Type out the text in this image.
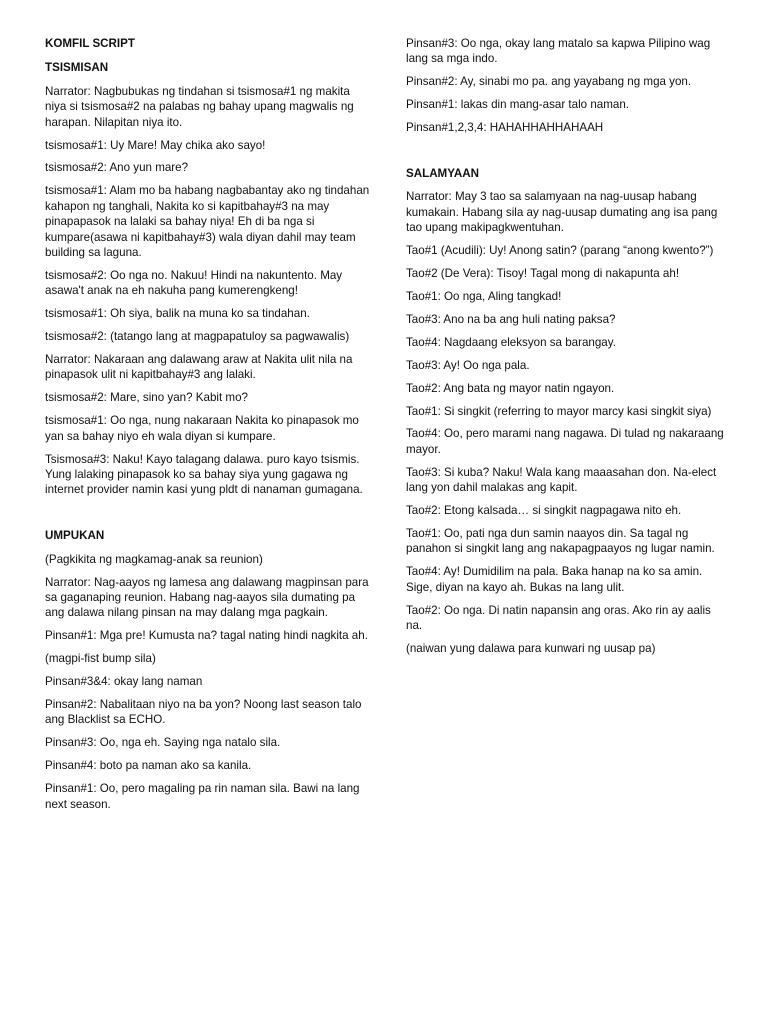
KOMFIL SCRIPT
TSISMISAN
Narrator: Nagbubukas ng tindahan si tsismosa#1 ng makita niya si tsismosa#2 na palabas ng bahay upang magwalis ng harapan. Nilapitan niya ito.
tsismosa#1: Uy Mare! May chika ako sayo!
tsismosa#2: Ano yun mare?
tsismosa#1: Alam mo ba habang nagbabantay ako ng tindahan kahapon ng tanghali, Nakita ko si kapitbahay#3 na may pinapapasok na lalaki sa bahay niya! Eh di ba nga si kumpare(asawa ni kapitbahay#3) wala diyan dahil may team building sa laguna.
tsismosa#2: Oo nga no. Nakuu! Hindi na nakuntento. May asawa't anak na eh nakuha pang kumerengkeng!
tsismosa#1: Oh siya, balik na muna ko sa tindahan.
tsismosa#2: (tatango lang at magpapatuloy sa pagwawalis)
Narrator: Nakaraan ang dalawang araw at Nakita ulit nila na pinapasok ulit ni kapitbahay#3 ang lalaki.
tsismosa#2: Mare, sino yan? Kabit mo?
tsismosa#1: Oo nga, nung nakaraan Nakita ko pinapasok mo yan sa bahay niyo eh wala diyan si kumpare.
Tsismosa#3: Naku! Kayo talagang dalawa. puro kayo tsismis. Yung lalaking pinapasok ko sa bahay siya yung gagawa ng internet provider namin kasi yung pldt di nanaman gumagana.
UMPUKAN
(Pagkikita ng magkamag-anak sa reunion)
Narrator: Nag-aayos ng lamesa ang dalawang magpinsan para sa gaganaping reunion. Habang nag-aayos sila dumating pa ang dalawa nilang pinsan na may dalang mga pagkain.
Pinsan#1: Mga pre! Kumusta na? tagal nating hindi nagkita ah.
(magpi-fist bump sila)
Pinsan#3&4: okay lang naman
Pinsan#2: Nabalitaan niyo na ba yon? Noong last season talo ang Blacklist sa ECHO.
Pinsan#3: Oo, nga eh. Saying nga natalo sila.
Pinsan#4: boto pa naman ako sa kanila.
Pinsan#1: Oo, pero magaling pa rin naman sila. Bawi na lang next season.
Pinsan#3: Oo nga, okay lang matalo sa kapwa Pilipino wag lang sa mga indo.
Pinsan#2: Ay, sinabi mo pa. ang yayabang ng mga yon.
Pinsan#1: lakas din mang-asar talo naman.
Pinsan#1,2,3,4: HAHAHHAHHAHAAH
SALAMYAAN
Narrator: May 3 tao sa salamyaan na nag-uusap habang kumakain. Habang sila ay nag-uusap dumating ang isa pang tao upang makipagkwentuhan.
Tao#1 (Acudili): Uy! Anong satin? (parang “anong kwento?”)
Tao#2 (De Vera): Tisoy! Tagal mong di nakapunta ah!
Tao#1: Oo nga, Aling tangkad!
Tao#3: Ano na ba ang huli nating paksa?
Tao#4: Nagdaang eleksyon sa barangay.
Tao#3: Ay! Oo nga pala.
Tao#2: Ang bata ng mayor natin ngayon.
Tao#1: Si singkit (referring to mayor marcy kasi singkit siya)
Tao#4: Oo, pero marami nang nagawa. Di tulad ng nakaraang mayor.
Tao#3: Si kuba? Naku! Wala kang maaasahan don. Na-elect lang yon dahil malakas ang kapit.
Tao#2: Etong kalsada… si singkit nagpagawa nito eh.
Tao#1: Oo, pati nga dun samin naayos din. Sa tagal ng panahon si singkit lang ang nakapagpaayos ng lugar namin.
Tao#4: Ay! Dumidilim na pala. Baka hanap na ko sa amin. Sige, diyan na kayo ah. Bukas na lang ulit.
Tao#2: Oo nga. Di natin napansin ang oras. Ako rin ay aalis na.
(naiwan yung dalawa para kunwari ng uusap pa)
